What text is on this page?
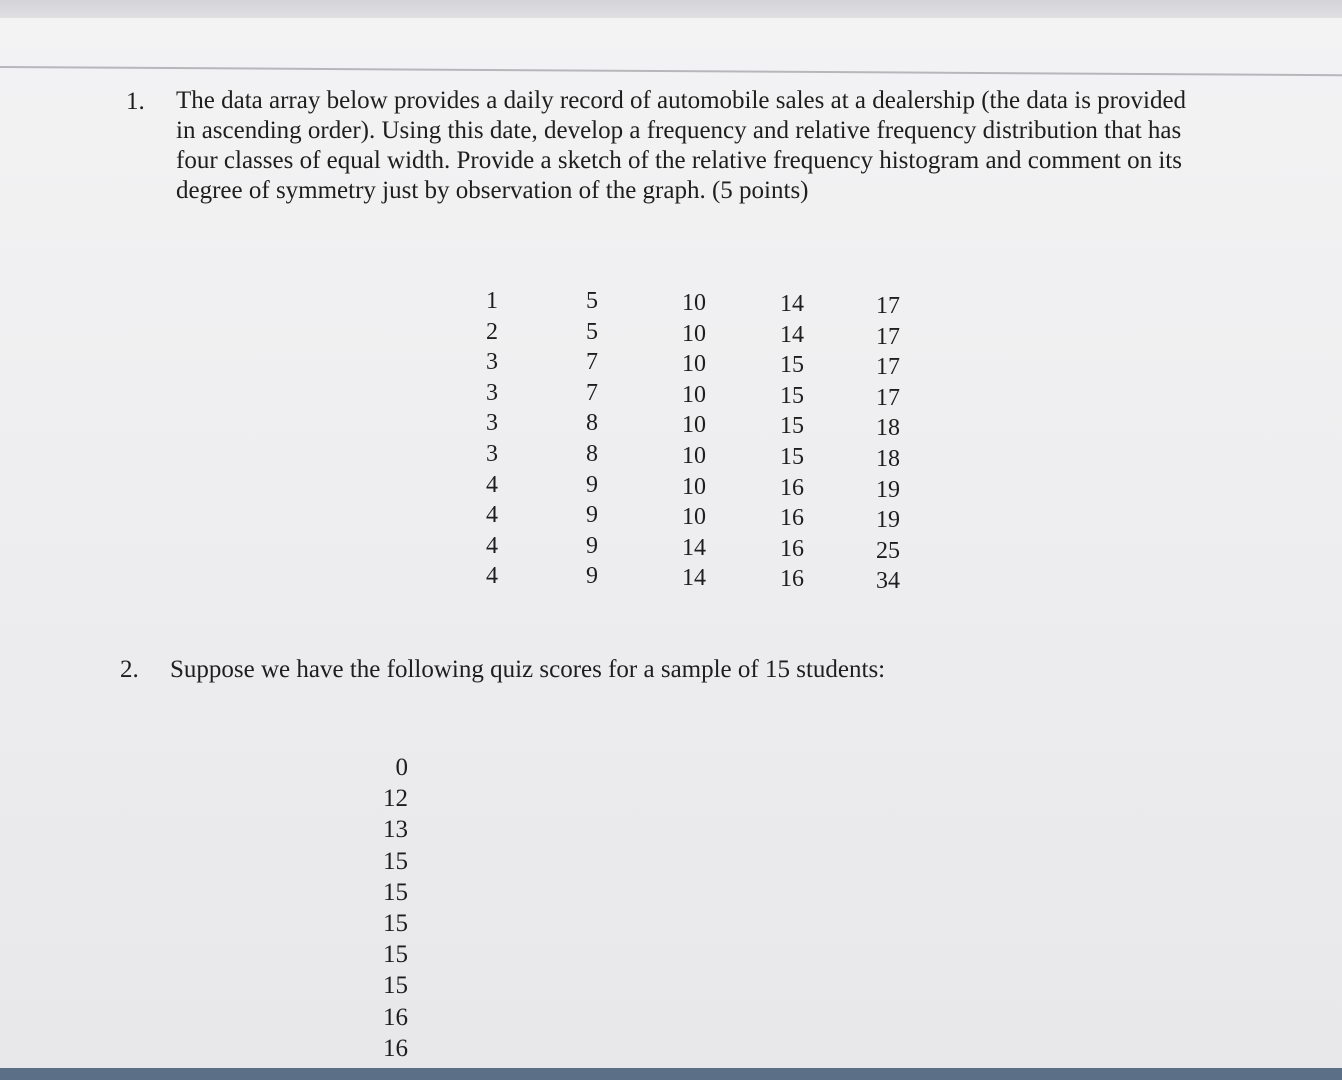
1. The data array below provides a daily record of automobile sales at a dealership (the data is provided
in ascending order). Using this date, develop a frequency and relative frequency distribution that has
four classes of equal width. Provide a sketch of the relative frequency histogram and comment on its
degree of symmetry just by observation of the graph. (5 points)
1
2
3
3
3
3
4
4
4
4
5
5
7
7
8
8
9
9
9
9
10
10
10
10
10
10
10
10
14
14
14
14
15
15
15
15
16
16
16
16
17
17
17
17
18
18
19
19
25
34
2. Suppose we have the following quiz scores for a sample of 15 students:
0
12
13
15
15
15
15
15
16
16
